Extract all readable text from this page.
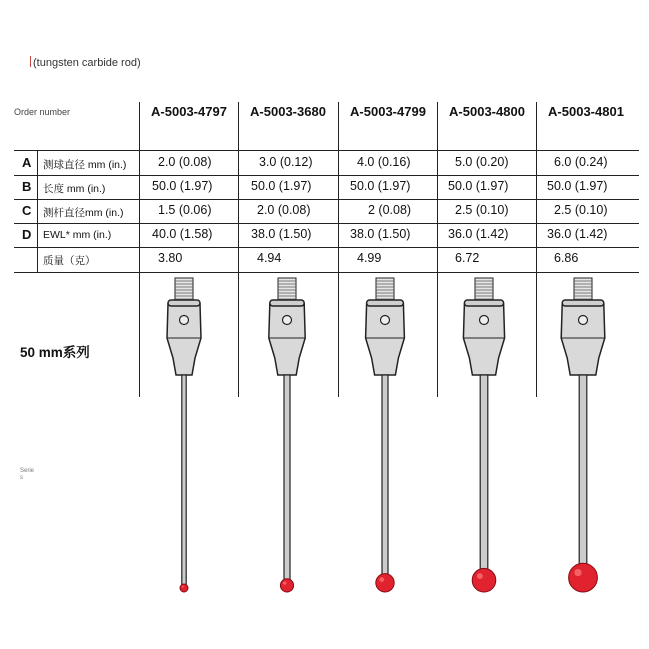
(tungsten carbide rod)
Order number	A-5003-4797	A-5003-3680	A-5003-4799	A-5003-4800	A-5003-4801
A 测球直径 mm (in.)	2.0 (0.08)	3.0 (0.12)	4.0 (0.16)	5.0 (0.20)	6.0 (0.24)
B 长度 mm (in.)	50.0 (1.97)	50.0 (1.97)	50.0 (1.97)	50.0 (1.97)	50.0 (1.97)
C 测杆直径mm (in.)	1.5 (0.06)	2.0 (0.08)	2 (0.08)	2.5 (0.10)	2.5 (0.10)
D EWL* mm (in.)	40.0 (1.58)	38.0 (1.50)	38.0 (1.50)	36.0 (1.42)	36.0 (1.42)
质量（克）	3.80	4.94	4.99	6.72	6.86
50 mm系列
Series
